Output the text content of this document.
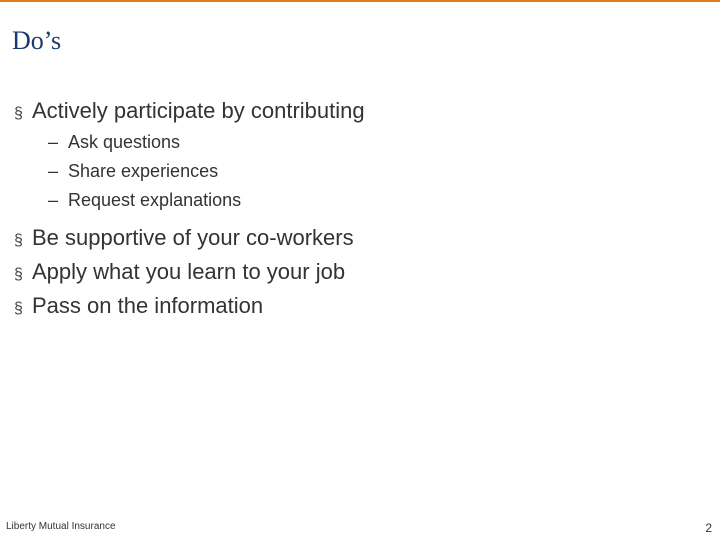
Do’s
§ Actively participate by contributing
– Ask questions
– Share experiences
– Request explanations
§ Be supportive of your co-workers
§ Apply what you learn to your job
§ Pass on the information
Liberty Mutual Insurance	2
